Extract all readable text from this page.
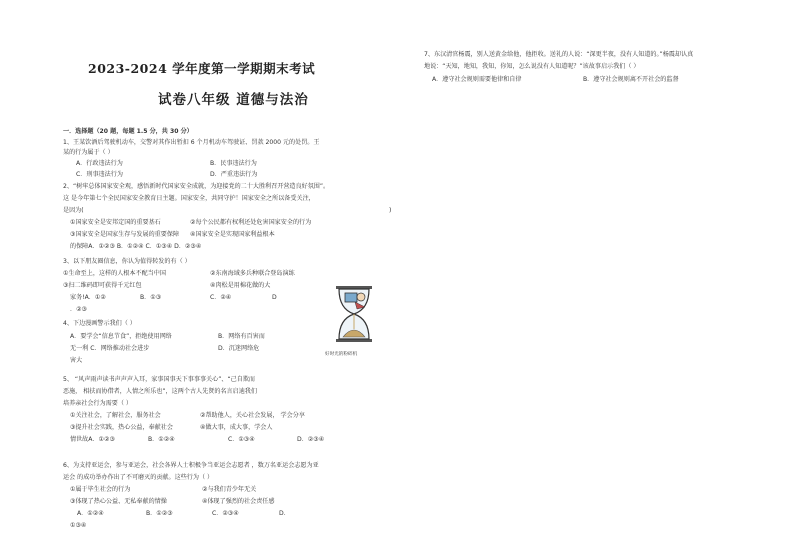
2023-2024 学年度第一学期期末考试
试卷八年级 道德与法治
一．选择题（20 题，每题 1.5 分，共 30 分）
1、王某饮酒后驾驶机动车，交警对其作出暂扣 6 个月机动车驾驶证、罚款 2000 元的处罚。王
某的行为属于（ ）
A．行政违法行为	B．民事违法行为
C．刑事违法行为	D．严重违法行为
2、“树牢总体国家安全观，感悟新时代国家安全成就，为迎接党的二十大胜利召开营造良好氛围”。
这 是今年第七个全民国家安全教育日主题。国家安全，共同守护！国家安全之所以备受关注，
是因为(	)
①国家安全是安邦定国的重要基石	②每个公民都有权利还处危害国家安全的行为
③国家安全是国家生存与发展的重要保障 ④国家安全是实现国家利益根本
的保障A．①②③ B．①②④ C．①③④ D．②③④
3、以下朋友圈信息，你认为值得转发的有（ ）
①生命至上，这样的人根本不配当中国	②东南海域多兵种联合登岛演练
③扫二维码即可获得千元红包	④肉松是用棉花做的大
家务!A．①②	B．①③	C．②④	D
．②③
4、下边漫画警示我们（ ）
A．要学会“信息节食”，拒绝使用网络	B．网络有百害而
无一利 C．网络推动社会进步	D．沉迷网络危
害大
好时光的粉碎机
5、 “风声雨声读书声声声入耳，家事国事天下事事事关心”、“己自欺而
恶施， 相扶而协借者，人情之所乐也”，这两个古人先贤的名言启迪我们
培养亲社会行为需要（ ）
①关注社会，了解社会，服务社会	②帮助他人，关心社会发展， 学会分享
③提升社会实践，热心公益，奉献社会	④做大事，成大事，学会人
情世故A．①②③	B．①②④	C．①③④	D．②③④
6、为支持亚运会，参与亚运会，社会各界人士积极争当亚运会志愿者 ，数万名亚运会志愿为亚
运会 的成功举办作出了不可磨灭的贡献。这些行为（ ）
①属于毕生社会的行为	②与我们青少年无关
③体现了热心公益、无私奉献的情操	④体现了强烈的社会责任感
A．①②④	B．①②③	C．②③④	D．
①③④
7、东汉清官杨震，别人送黄金给他，他拒收。送礼的人说：“深更半夜，没有人知道的。”杨震却认真
地说：“天知，地知，我知，你知，怎么说没有人知道呢？”该故事启示我们（ ）
A．遵守社会规则需要他律和自律	B．遵守社会规则离不开社会的监督
